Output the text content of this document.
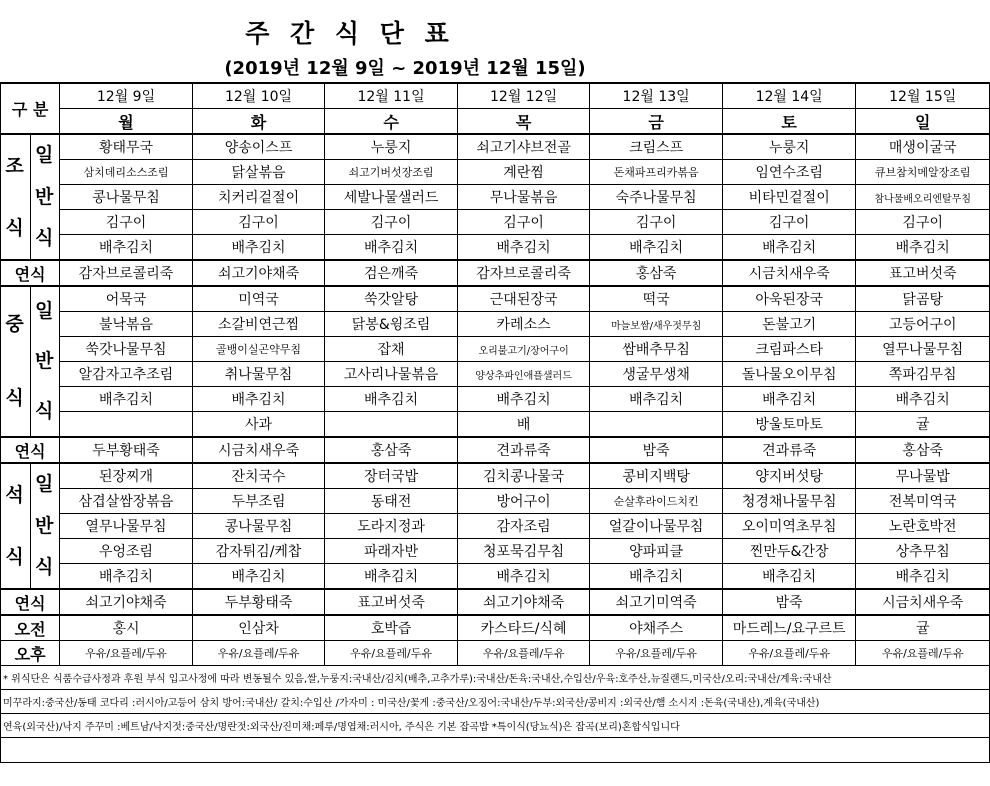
주 간 식 단 표
(2019년 12월 9일 ~ 2019년 12월 15일)
구 분		12월 9일	12월 10일	12월 11일	12월 12일	12월 13일	12월 14일	12월 15일
		월	화	수	목	금	토	일

조
식	일
반
식	황태무국	양송이스프	누룽지	쇠고기샤브전골	크림스프	누룽지	매생이굴국
		삼치데리소스조림	닭살볶음	쇠고기버섯장조림	계란찜	돈채파프리카볶음	임연수조림	큐브참치메알장조림
		콩나물무침	치커리겉절이	세발나물샐러드	무나물볶음	숙주나물무침	비타민겉절이	참나물배오리엔탈무침
		김구이	김구이	김구이	김구이	김구이	김구이	김구이
		배추김치	배추김치	배추김치	배추김치	배추김치	배추김치	배추김치
연식		감자브로콜리죽	쇠고기야채죽	검은깨죽	감자브로콜리죽	홍삼죽	시금치새우죽	표고버섯죽

중
식	일
반
식	어묵국	미역국	쑥갓알탕	근대된장국	떡국	아욱된장국	닭곰탕
		불낙볶음	소갈비연근찜	닭봉&윙조림	카레소스	마늘보쌈/새우젓무침	돈불고기	고등어구이
		쑥갓나물무침	골뱅이실곤약무침	잡채	오리불고기/장어구이	쌈배추무침	크림파스타	열무나물무침
		알감자고추조림	취나물무침	고사리나물볶음	양상추파인애플샐러드	생굴무생채	돌나물오이무침	쪽파김무침
		배추김치	배추김치	배추김치	배추김치	배추김치	배추김치	배추김치
			사과		배		방울토마토	귤
연식		두부황태죽	시금치새우죽	홍삼죽	견과류죽	밤죽	견과류죽	홍삼죽

석
식	일
반
식	된장찌개	잔치국수	장터국밥	김치콩나물국	콩비지백탕	양지버섯탕	무나물밥
		삼겹살쌈장볶음	두부조림	동태전	방어구이	순살후라이드치킨	청경채나물무침	전복미역국
		열무나물무침	콩나물무침	도라지정과	감자조림	얼갈이나물무침	오이미역초무침	노란호박전
		우엉조림	감자튀김/케찹	파래자반	청포묵김무침	양파피클	찐만두&간장	상추무침
		배추김치	배추김치	배추김치	배추김치	배추김치	배추김치	배추김치
연식		쇠고기야채죽	두부황태죽	표고버섯죽	쇠고기야채죽	쇠고기미역죽	밤죽	시금치새우죽
오전		홍시	인삼차	호박즙	카스타드/식혜	야채주스	마드레느/요구르트	귤
오후		우유/요플레/두유	우유/요플레/두유	우유/요플레/두유	우유/요플레/두유	우유/요플레/두유	우유/요플레/두유	우유/요플레/두유
* 위식단은 식품수급사정과 후원 부식 입고사정에 따라 변동될수 있음,쌀,누룽지:국내산/김치(배추,고추가루):국내산/돈육:국내산,수입산/우육:호주산,뉴질랜드,미국산/오리:국내산/계육:국내산								
미꾸라지:중국산/동태 코다리 :러시아/고등어 삼치 방어:국내산/ 갈치:수입산 /가자미 : 미국산/꽃게 :중국산/오징어:국내산/두부:외국산/콩비지 :외국산/햄 소시지 :돈육(국내산),계육(국내산)								
연육(외국산)/낙지 주꾸미 :베트남/낙지젓:중국산/명란젓:외국산/진미채:페루/명엽채:러시아, 주식은 기본 잡곡밥 *특이식(당뇨식)은 잡곡(보리)혼합식입니다								
